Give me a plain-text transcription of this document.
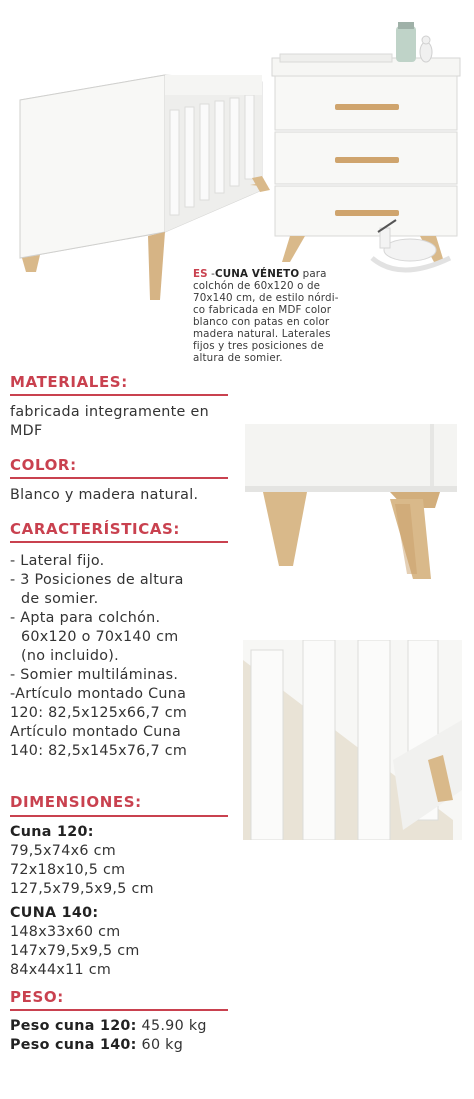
ES -CUNA VÉNETO para
colchón de 60x120 o de
70x140 cm, de estilo nórdi-
co fabricada en MDF color
blanco con patas en color
madera natural. Laterales
fijos y tres posiciones de
altura de somier.
MATERIALES:
fabricada integramente en
MDF
COLOR:
Blanco y madera natural.
CARACTERÍSTICAS:
- Lateral fijo.
- 3 Posiciones de altura
de somier.
- Apta para colchón.
60x120 o 70x140 cm
(no incluido).
- Somier multiláminas.
-Artículo montado Cuna
120: 82,5x125x66,7 cm
Artículo montado Cuna
140: 82,5x145x76,7 cm
DIMENSIONES:
Cuna 120:
79,5x74x6 cm
72x18x10,5 cm
127,5x79,5x9,5 cm
CUNA 140:
148x33x60 cm
147x79,5x9,5 cm
84x44x11 cm
PESO:
Peso cuna 120: 45.90 kg
Peso cuna 140: 60 kg
